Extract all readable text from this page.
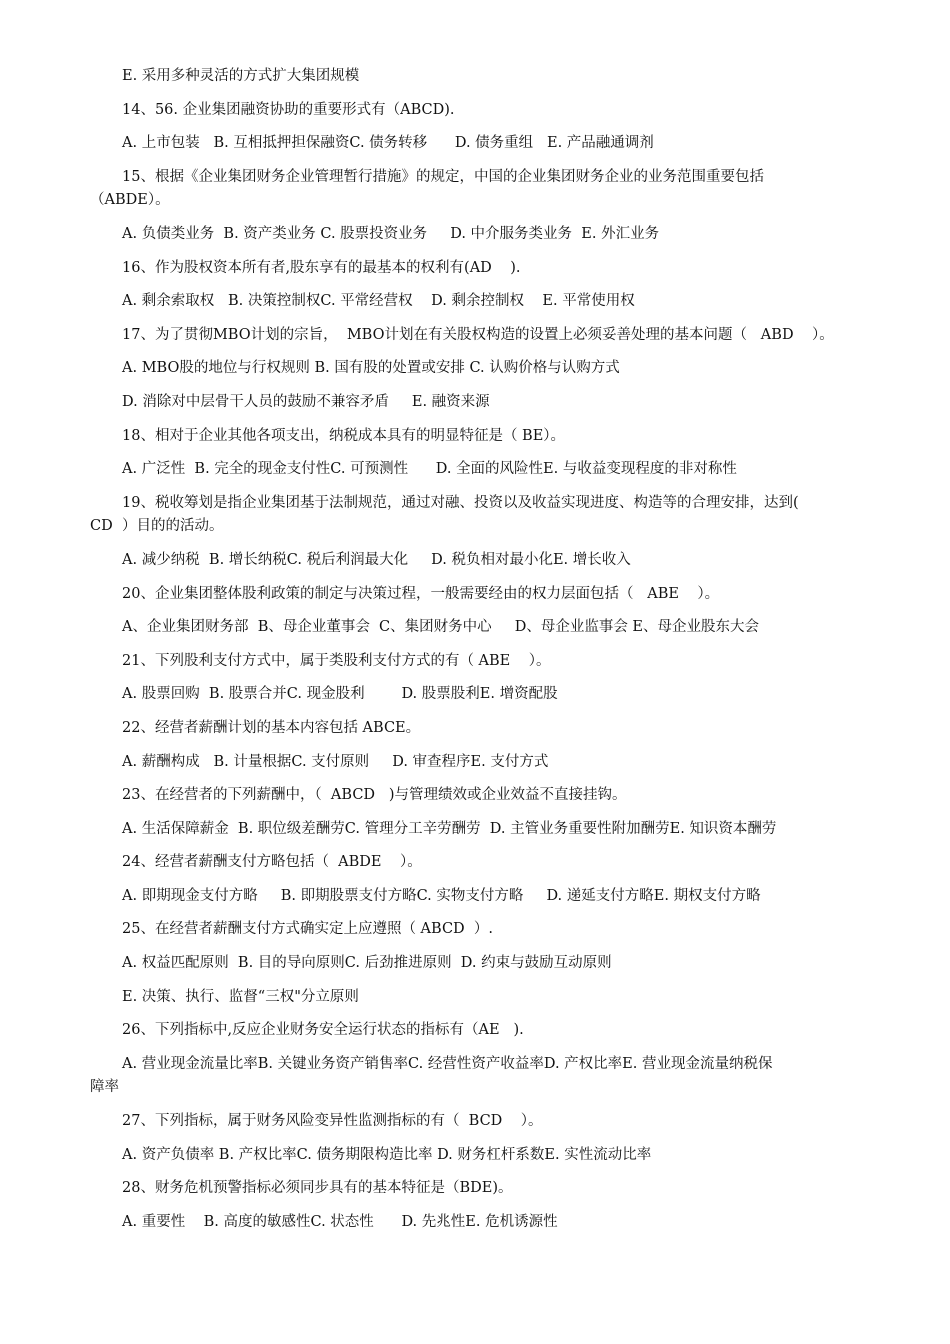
E. 采用多种灵活的方式扩大集团规模
14、56. 企业集团融资协助的重要形式有（ABCD).
A. 上市包装   B. 互相抵押担保融资C. 债务转移      D. 债务重组   E. 产品融通调剂
15、根据《企业集团财务企业管理暂行措施》的规定，中国的企业集团财务企业的业务范围重要包括
（ABDE）。
A. 负债类业务  B. 资产类业务 C. 股票投资业务     D. 中介服务类业务  E. 外汇业务
16、作为股权资本所有者,股东享有的最基本的权利有(AD    ).
A. 剩余索取权   B. 决策控制权C. 平常经营权    D. 剩余控制权    E. 平常使用权
17、为了贯彻MBO计划的宗旨，  MBO计划在有关股权构造的设置上必须妥善处理的基本问题（   ABD    ）。
A. MBO股的地位与行权规则 B. 国有股的处置或安排 C. 认购价格与认购方式
D. 消除对中层骨干人员的鼓励不兼容矛盾     E. 融资来源
18、相对于企业其他各项支出，纳税成本具有的明显特征是（ BE）。
A. 广泛性  B. 完全的现金支付性C. 可预测性      D. 全面的风险性E. 与收益变现程度的非对称性
19、税收筹划是指企业集团基于法制规范，通过对融、投资以及收益实现进度、构造等的合理安排，达到(
CD  ）目的的活动。
A. 减少纳税  B. 增长纳税C. 税后利润最大化     D. 税负相对最小化E. 增长收入
20、企业集团整体股利政策的制定与决策过程，一般需要经由的权力层面包括（   ABE    ）。
A、企业集团财务部  B、母企业董事会  C、集团财务中心     D、母企业监事会 E、母企业股东大会
21、下列股利支付方式中，属于类股利支付方式的有（ ABE    ）。
A. 股票回购  B. 股票合并C. 现金股利        D. 股票股利E. 增资配股
22、经营者薪酬计划的基本内容包括 ABCE。
A. 薪酬构成   B. 计量根据C. 支付原则     D. 审查程序E. 支付方式
23、在经营者的下列薪酬中，（  ABCD   )与管理绩效或企业效益不直接挂钩。
A. 生活保障薪金  B. 职位级差酬劳C. 管理分工辛劳酬劳  D. 主管业务重要性附加酬劳E. 知识资本酬劳
24、经营者薪酬支付方略包括（  ABDE    ）。
A. 即期现金支付方略     B. 即期股票支付方略C. 实物支付方略     D. 递延支付方略E. 期权支付方略
25、在经营者薪酬支付方式确实定上应遵照（ ABCD  ）.
A. 权益匹配原则  B. 目的导向原则C. 后劲推进原则  D. 约束与鼓励互动原则
E. 决策、执行、监督“三权"分立原则
26、下列指标中,反应企业财务安全运行状态的指标有（AE   ).
A. 营业现金流量比率B. 关键业务资产销售率C. 经营性资产收益率D. 产权比率E. 营业现金流量纳税保
障率
27、下列指标，属于财务风险变异性监测指标的有（  BCD    ）。
A. 资产负债率 B. 产权比率C. 债务期限构造比率 D. 财务杠杆系数E. 实性流动比率
28、财务危机预警指标必须同步具有的基本特征是（BDE)。
A. 重要性    B. 高度的敏感性C. 状态性      D. 先兆性E. 危机诱源性
